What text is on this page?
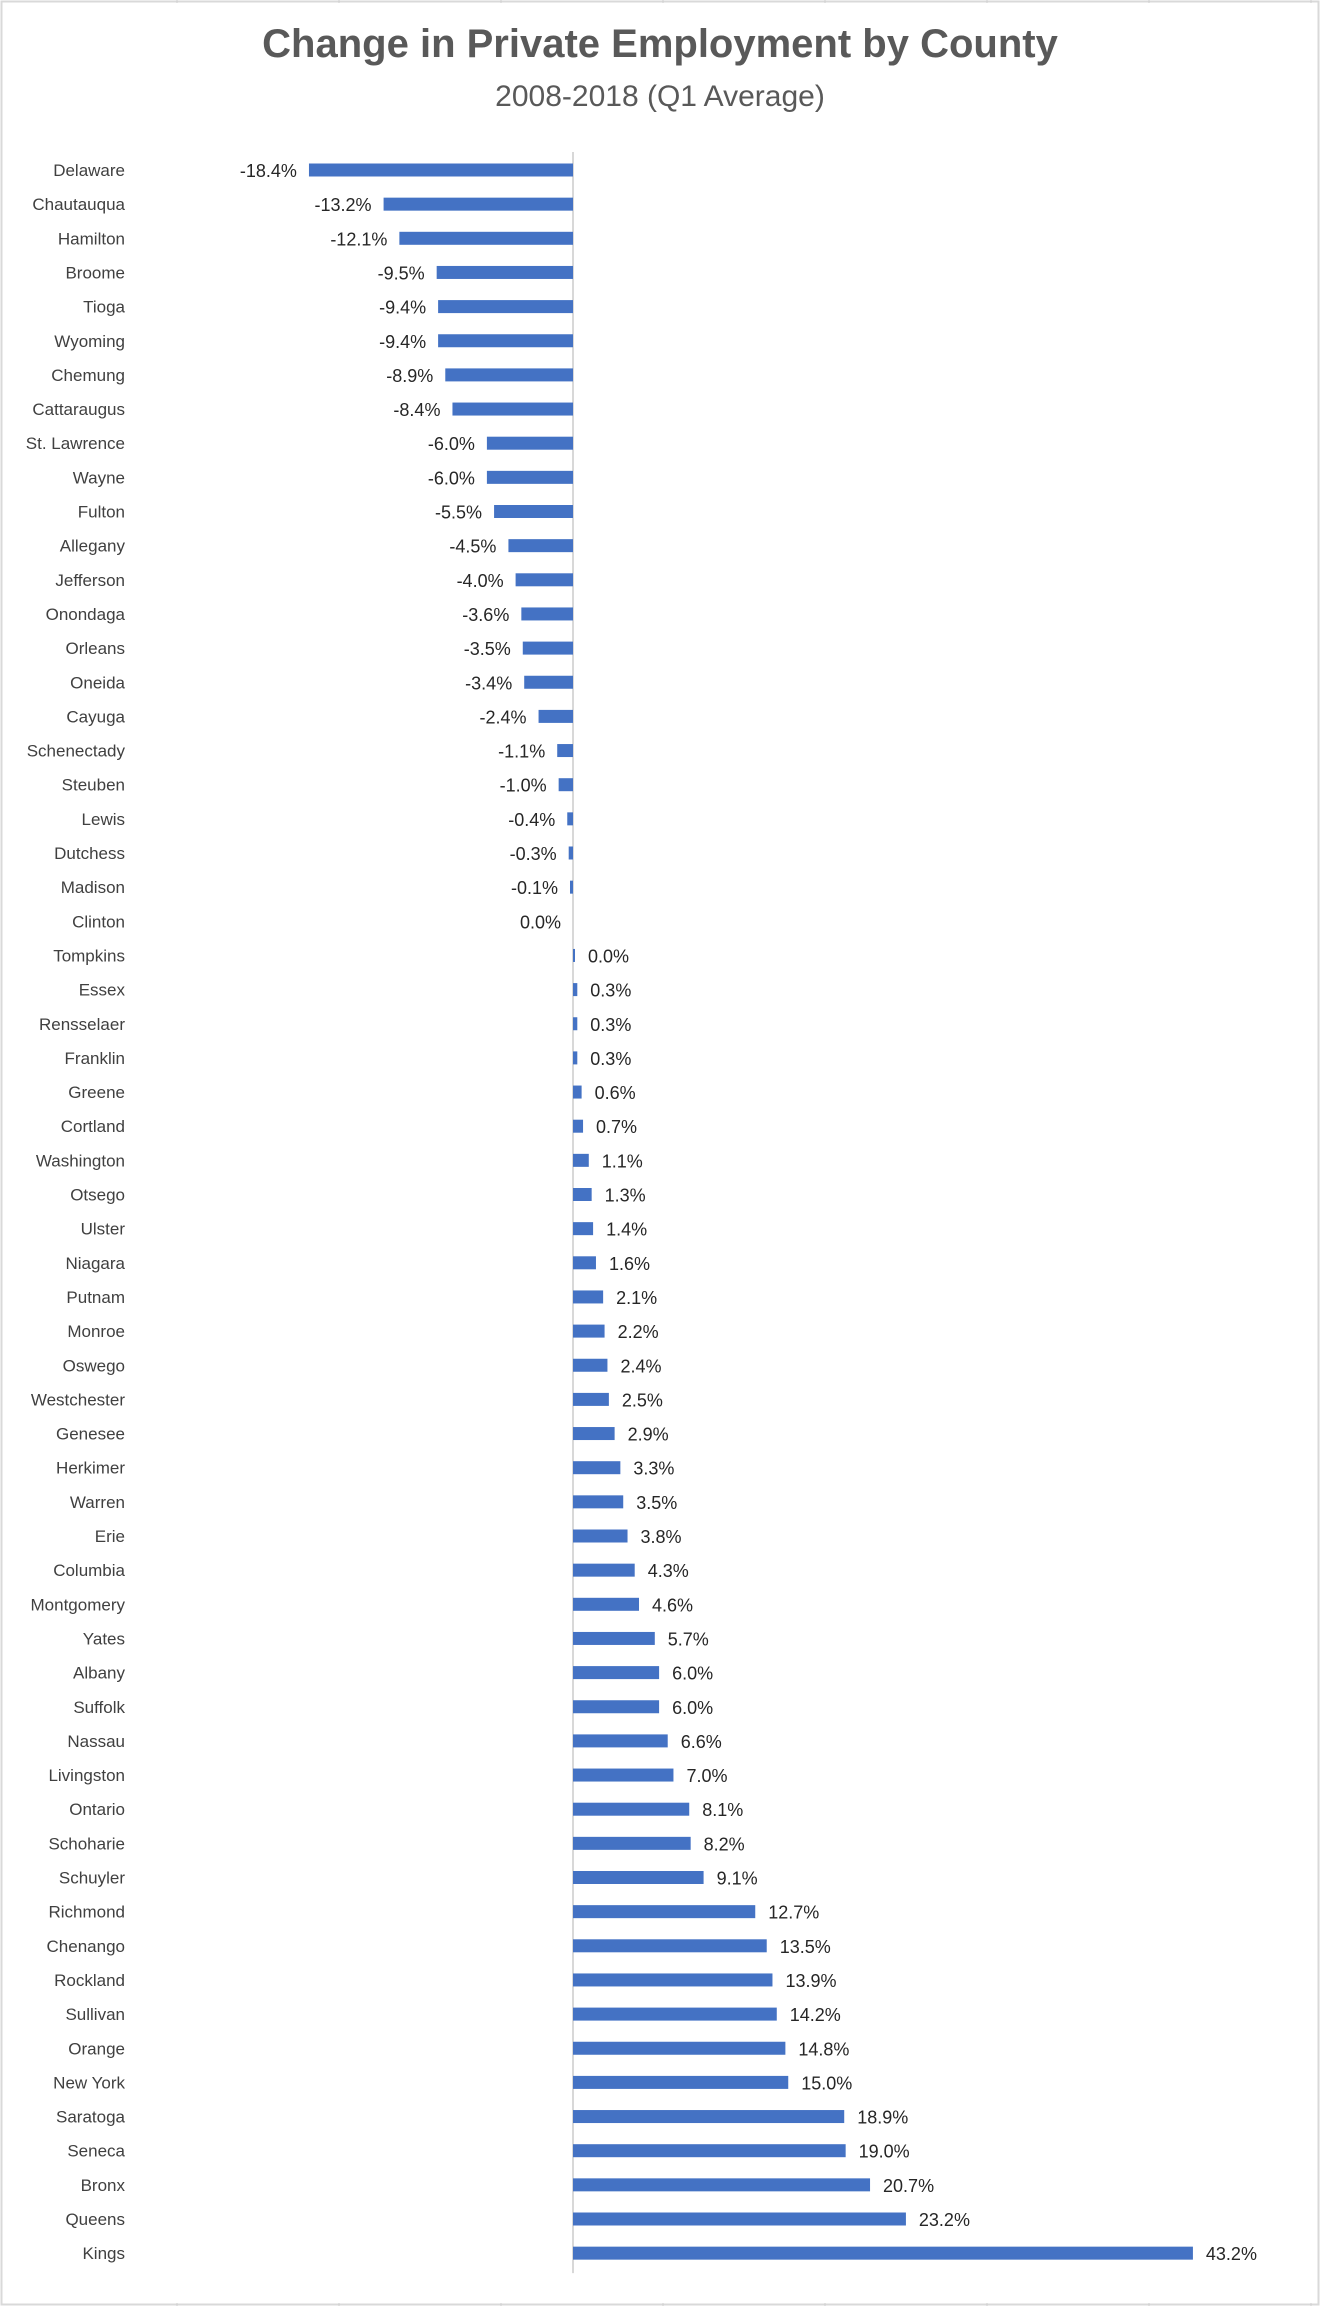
Delaware	-18.4%
Chautauqua	-13.2%
Hamilton	-12.1%
Broome	-9.5%
Tioga	-9.4%
Wyoming	-9.4%
Chemung	-8.9%
Cattaraugus	-8.4%
St. Lawrence	-6.0%
Wayne	-6.0%
Fulton	-5.5%
Allegany	-4.5%
Jefferson	-4.0%
Onondaga	-3.6%
Orleans	-3.5%
Oneida	-3.4%
Cayuga	-2.4%
Schenectady	-1.1%
Steuben	-1.0%
Lewis	-0.4%
Dutchess	-0.3%
Madison	-0.1%
Clinton	0.0%
Tompkins	0.0%
Essex	0.3%
Rensselaer	0.3%
Franklin	0.3%
Greene	0.6%
Cortland	0.7%
Washington	1.1%
Otsego	1.3%
Ulster	1.4%
Niagara	1.6%
Putnam	2.1%
Monroe	2.2%
Oswego	2.4%
Westchester	2.5%
Genesee	2.9%
Herkimer	3.3%
Warren	3.5%
Erie	3.8%
Columbia	4.3%
Montgomery	4.6%
Yates	5.7%
Albany	6.0%
Suffolk	6.0%
Nassau	6.6%
Livingston	7.0%
Ontario	8.1%
Schoharie	8.2%
Schuyler	9.1%
Richmond	12.7%
Chenango	13.5%
Rockland	13.9%
Sullivan	14.2%
Orange	14.8%
New York	15.0%
Saratoga	18.9%
Seneca	19.0%
Bronx	20.7%
Queens	23.2%
Kings	43.2%
Change in Private Employment by County
2008-2018 (Q1 Average)
